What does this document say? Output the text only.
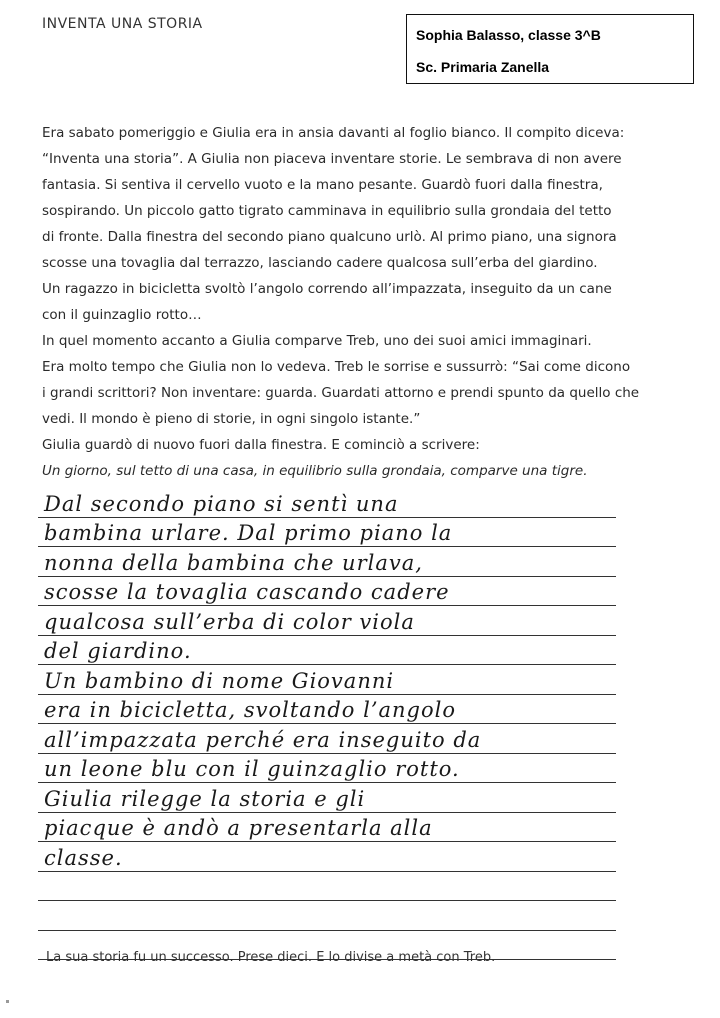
INVENTA UNA STORIA
Sophia Balasso, classe 3^B
Sc. Primaria Zanella
Era sabato pomeriggio e Giulia era in ansia davanti al foglio bianco. Il compito diceva:
“Inventa una storia”. A Giulia non piaceva inventare storie. Le sembrava di non avere
fantasia. Si sentiva il cervello vuoto e la mano pesante. Guardò fuori dalla finestra,
sospirando. Un piccolo gatto tigrato camminava in equilibrio sulla grondaia del tetto
di fronte. Dalla finestra del secondo piano qualcuno urlò. Al primo piano, una signora
scosse una tovaglia dal terrazzo, lasciando cadere qualcosa sull’erba del giardino.
Un ragazzo in bicicletta svoltò l’angolo correndo all’impazzata, inseguito da un cane
con il guinzaglio rotto…
In quel momento accanto a Giulia comparve Treb, uno dei suoi amici immaginari.
Era molto tempo che Giulia non lo vedeva. Treb le sorrise e sussurrò: “Sai come dicono
i grandi scrittori? Non inventare: guarda. Guardati attorno e prendi spunto da quello che
vedi. Il mondo è pieno di storie, in ogni singolo istante.”
Giulia guardò di nuovo fuori dalla finestra. E cominciò a scrivere:
Un giorno, sul tetto di una casa, in equilibrio sulla grondaia, comparve una tigre.
Dal secondo piano si sentì una
bambina urlare. Dal primo piano la
nonna della bambina che urlava,
scosse la tovaglia cascando cadere
qualcosa sull’erba di color viola
del giardino.
Un bambino di nome Giovanni
era in bicicletta, svoltando l’angolo
all’impazzata perché era inseguito da
un leone blu con il guinzaglio rotto.
Giulia rilegge la storia e gli
piacque è andò a presentarla alla
classe.
La sua storia fu un successo. Prese dieci. E lo divise a metà con Treb.
